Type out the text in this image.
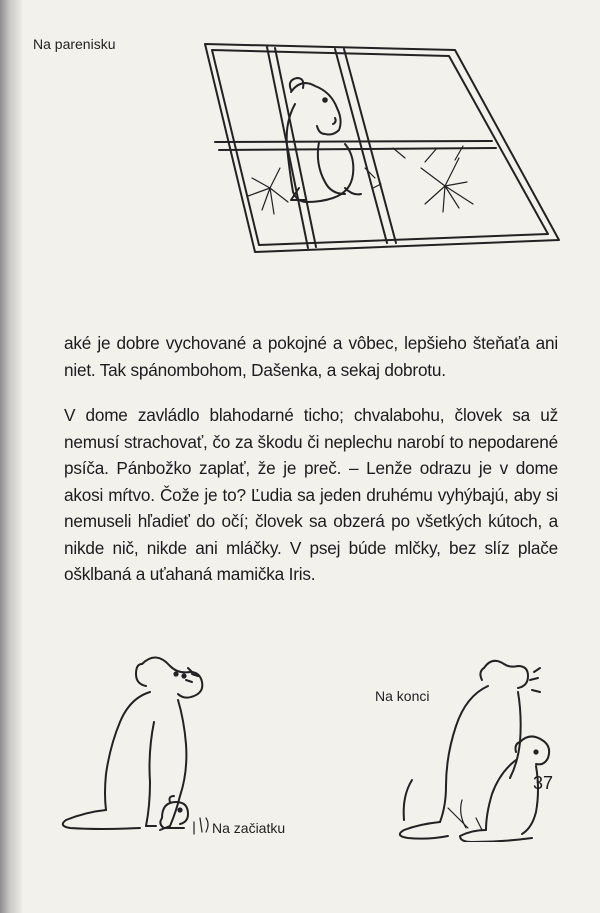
Na parenisku
aké je dobre vychované a pokojné a vôbec, lepšieho šteňaťa ani niet. Tak spánombohom, Dašenka, a sekaj dobrotu.
V dome zavládlo blahodarné ticho; chvalabohu, človek sa už nemusí strachovať, čo za škodu či neplechu narobí to nepodarené psíča. Pánbožko zaplať, že je preč. – Lenže odrazu je v dome akosi mŕtvo. Čože je to? Ľudia sa jeden druhému vyhýbajú, aby si nemuseli hľadieť do očí; človek sa obzerá po všetkých kútoch, a nikde nič, nikde ani mláčky. V psej búde mlčky, bez slíz plače ošklbaná a uťahaná mamička Iris.
Na začiatku
Na konci
37
